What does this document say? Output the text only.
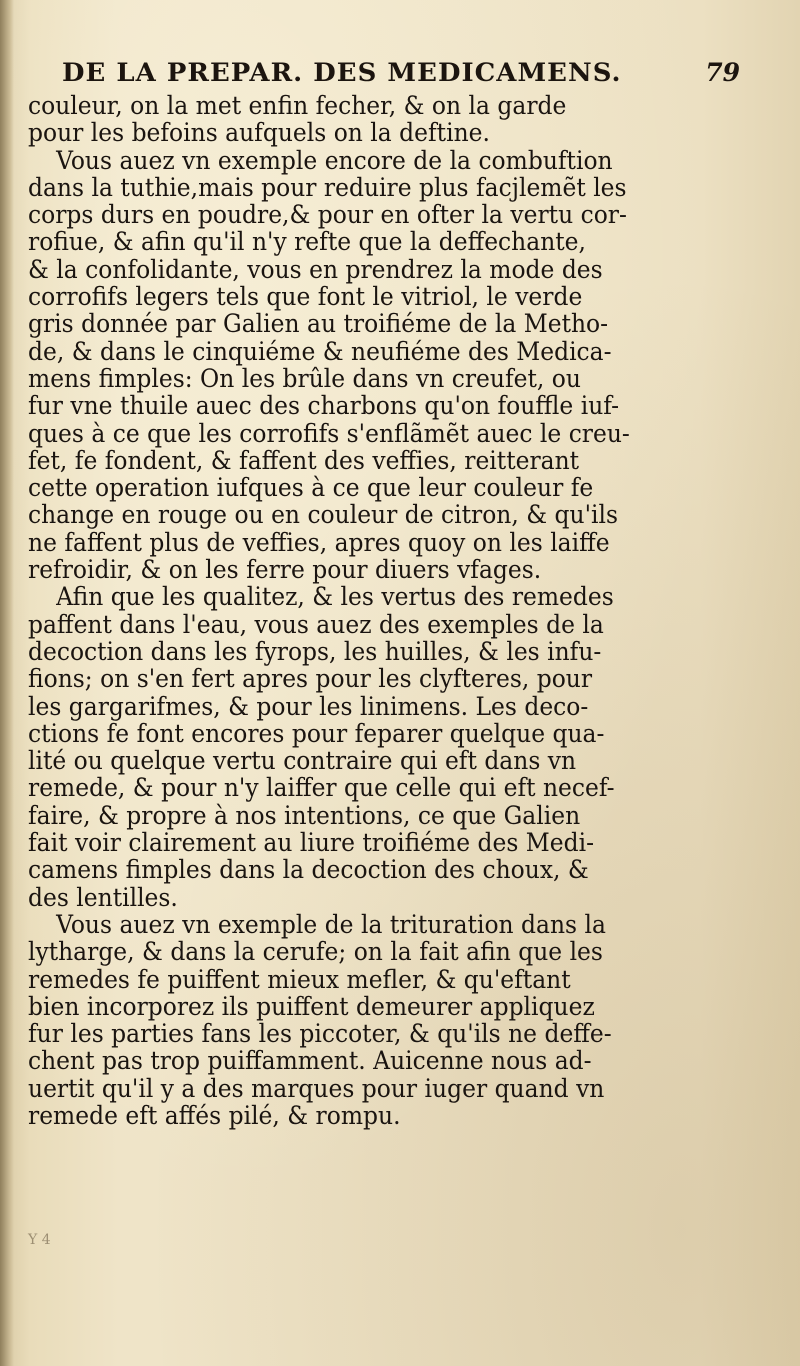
DE LA PREPAR. DES MEDICAMENS.	79
couleur, on la met enfin fecher, & on la garde
pour les befoins aufquels on la deftine.
Vous auez vn exemple encore de la combuftion
dans la tuthie,mais pour reduire plus facjlemẽt les
corps durs en poudre,& pour en ofter la vertu cor-
rofiue, & afin qu'il n'y refte que la deffechante,
& la confolidante, vous en prendrez la mode des
corrofifs legers tels que font le vitriol, le verde
gris donnée par Galien au troifiéme de la Metho-
de, & dans le cinquiéme & neufiéme des Medica-
mens fimples: On les brûle dans vn creufet, ou
fur vne thuile auec des charbons qu'on fouffle iuf-
ques à ce que les corrofifs s'enflãmẽt auec le creu-
fet, fe fondent, & faffent des veffies, reitterant
cette operation iufques à ce que leur couleur fe
change en rouge ou en couleur de citron, & qu'ils
ne faffent plus de veffies, apres quoy on les laiffe
refroidir, & on les ferre pour diuers vfages.
Afin que les qualitez, & les vertus des remedes
paffent dans l'eau, vous auez des exemples de la
decoction dans les fyrops, les huilles, & les infu-
fions; on s'en fert apres pour les clyfteres, pour
les gargarifmes, & pour les linimens. Les deco-
ctions fe font encores pour feparer quelque qua-
lité ou quelque vertu contraire qui eft dans vn
remede, & pour n'y laiffer que celle qui eft necef-
faire, & propre à nos intentions, ce que Galien
fait voir clairement au liure troifiéme des Medi-
camens fimples dans la decoction des choux, &
des lentilles.
Vous auez vn exemple de la trituration dans la
lytharge, & dans la cerufe; on la fait afin que les
remedes fe puiffent mieux mefler, & qu'eftant
bien incorporez ils puiffent demeurer appliquez
fur les parties fans les piccoter, & qu'ils ne deffe-
chent pas trop puiffamment. Auicenne nous ad-
uertit qu'il y a des marques pour iuger quand vn
remede eft affés pilé, & rompu.
Y 4
